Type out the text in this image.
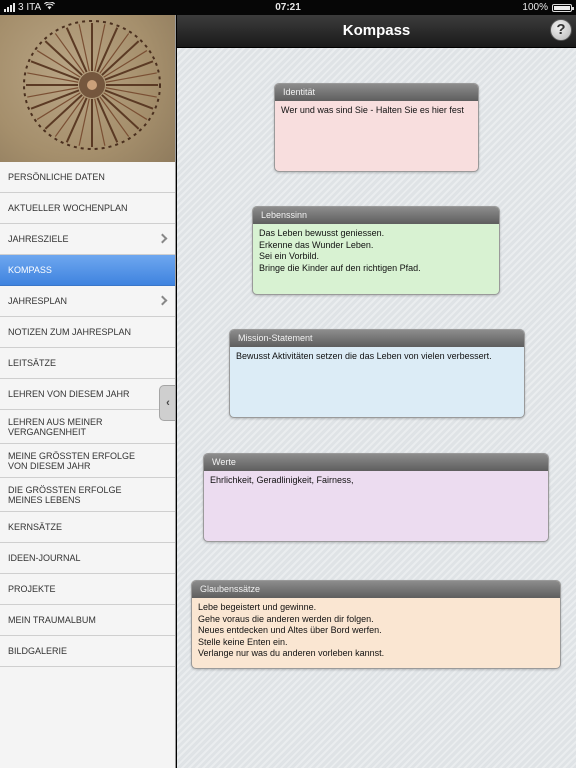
3 ITA	07:21	100%
PERSÖNLICHE DATEN
AKTUELLER WOCHENPLAN
JAHRESZIELE
KOMPASS
JAHRESPLAN
NOTIZEN ZUM JAHRESPLAN
LEITSÄTZE
LEHREN VON DIESEM JAHR
LEHREN AUS MEINER VERGANGENHEIT
MEINE GRÖSSTEN ERFOLGE VON DIESEM JAHR
DIE GRÖSSTEN ERFOLGE MEINES LEBENS
KERNSÄTZE
IDEEN-JOURNAL
PROJEKTE
MEIN TRAUMALBUM
BILDGALERIE
‹
Kompass	?
Identität
Wer und was sind Sie - Halten Sie es hier fest
Lebenssinn
Das Leben bewusst geniessen.
Erkenne das Wunder Leben.
Sei ein Vorbild.
Bringe die Kinder auf den richtigen Pfad.
Mission-Statement
Bewusst Aktivitäten setzen die das Leben von vielen verbessert.
Werte
Ehrlichkeit, Geradlinigkeit, Fairness,
Glaubenssätze
Lebe begeistert und gewinne.
Gehe voraus die anderen werden dir folgen.
Neues entdecken und Altes über Bord werfen.
Stelle keine Enten ein.
Verlange nur was du anderen vorleben kannst.
